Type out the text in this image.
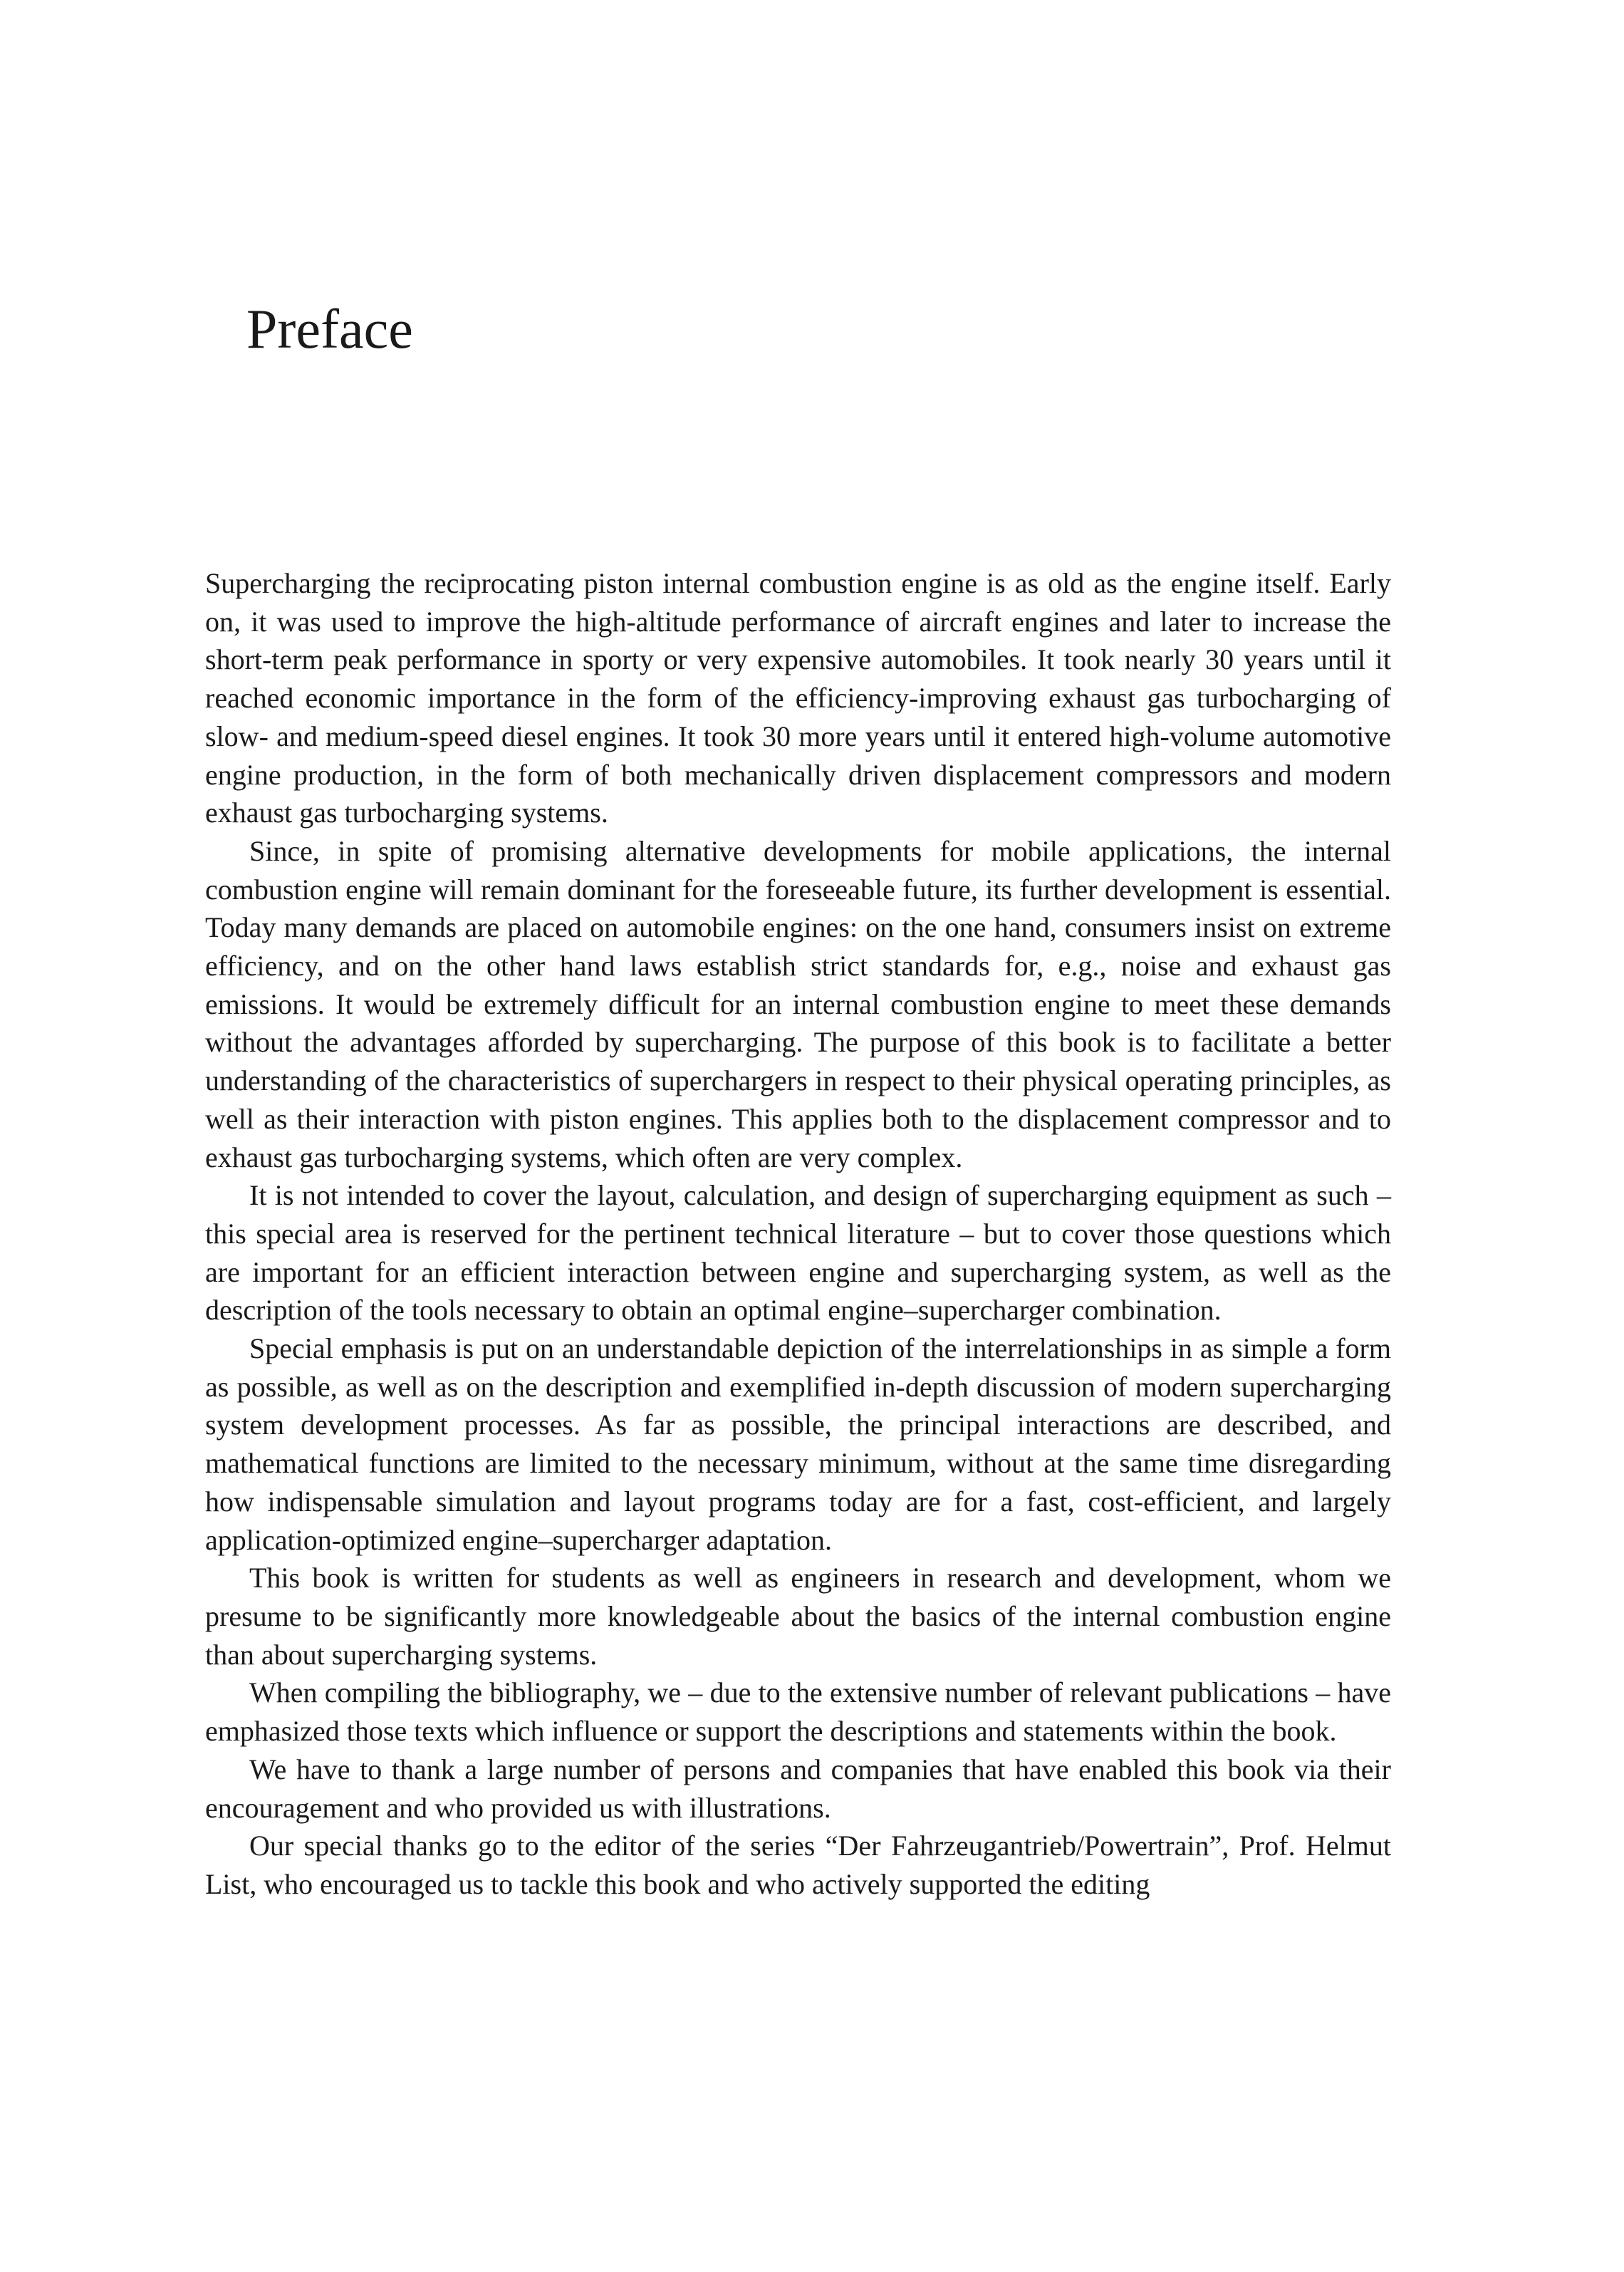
Preface

Supercharging the reciprocating piston internal combustion engine is as old as the engine itself. Early on, it was used to improve the high-altitude performance of aircraft engines and later to increase the short-term peak performance in sporty or very expensive automobiles. It took nearly 30 years until it reached economic importance in the form of the efficiency-improving exhaust gas turbocharging of slow- and medium-speed diesel engines. It took 30 more years until it entered high-volume automotive engine production, in the form of both mechanically driven displacement compressors and modern exhaust gas turbocharging systems.

Since, in spite of promising alternative developments for mobile applications, the internal combustion engine will remain dominant for the foreseeable future, its further development is essential. Today many demands are placed on automobile engines: on the one hand, consumers insist on extreme efficiency, and on the other hand laws establish strict standards for, e.g., noise and exhaust gas emissions. It would be extremely difficult for an internal combustion engine to meet these demands without the advantages afforded by supercharging. The purpose of this book is to facilitate a better understanding of the characteristics of superchargers in respect to their physical operating principles, as well as their interaction with piston engines. This applies both to the displacement compressor and to exhaust gas turbocharging systems, which often are very complex.

It is not intended to cover the layout, calculation, and design of supercharging equipment as such – this special area is reserved for the pertinent technical literature – but to cover those questions which are important for an efficient interaction between engine and supercharging system, as well as the description of the tools necessary to obtain an optimal engine–supercharger combination.

Special emphasis is put on an understandable depiction of the interrelationships in as simple a form as possible, as well as on the description and exemplified in-depth discussion of modern supercharging system development processes. As far as possible, the principal interactions are described, and mathematical functions are limited to the necessary minimum, without at the same time disregarding how indispensable simulation and layout programs today are for a fast, cost-efficient, and largely application-optimized engine–supercharger adaptation.

This book is written for students as well as engineers in research and development, whom we presume to be significantly more knowledgeable about the basics of the internal combustion engine than about supercharging systems.

When compiling the bibliography, we – due to the extensive number of relevant publications – have emphasized those texts which influence or support the descriptions and statements within the book.

We have to thank a large number of persons and companies that have enabled this book via their encouragement and who provided us with illustrations.

Our special thanks go to the editor of the series “Der Fahrzeugantrieb/Powertrain”, Prof. Helmut List, who encouraged us to tackle this book and who actively supported the editing
